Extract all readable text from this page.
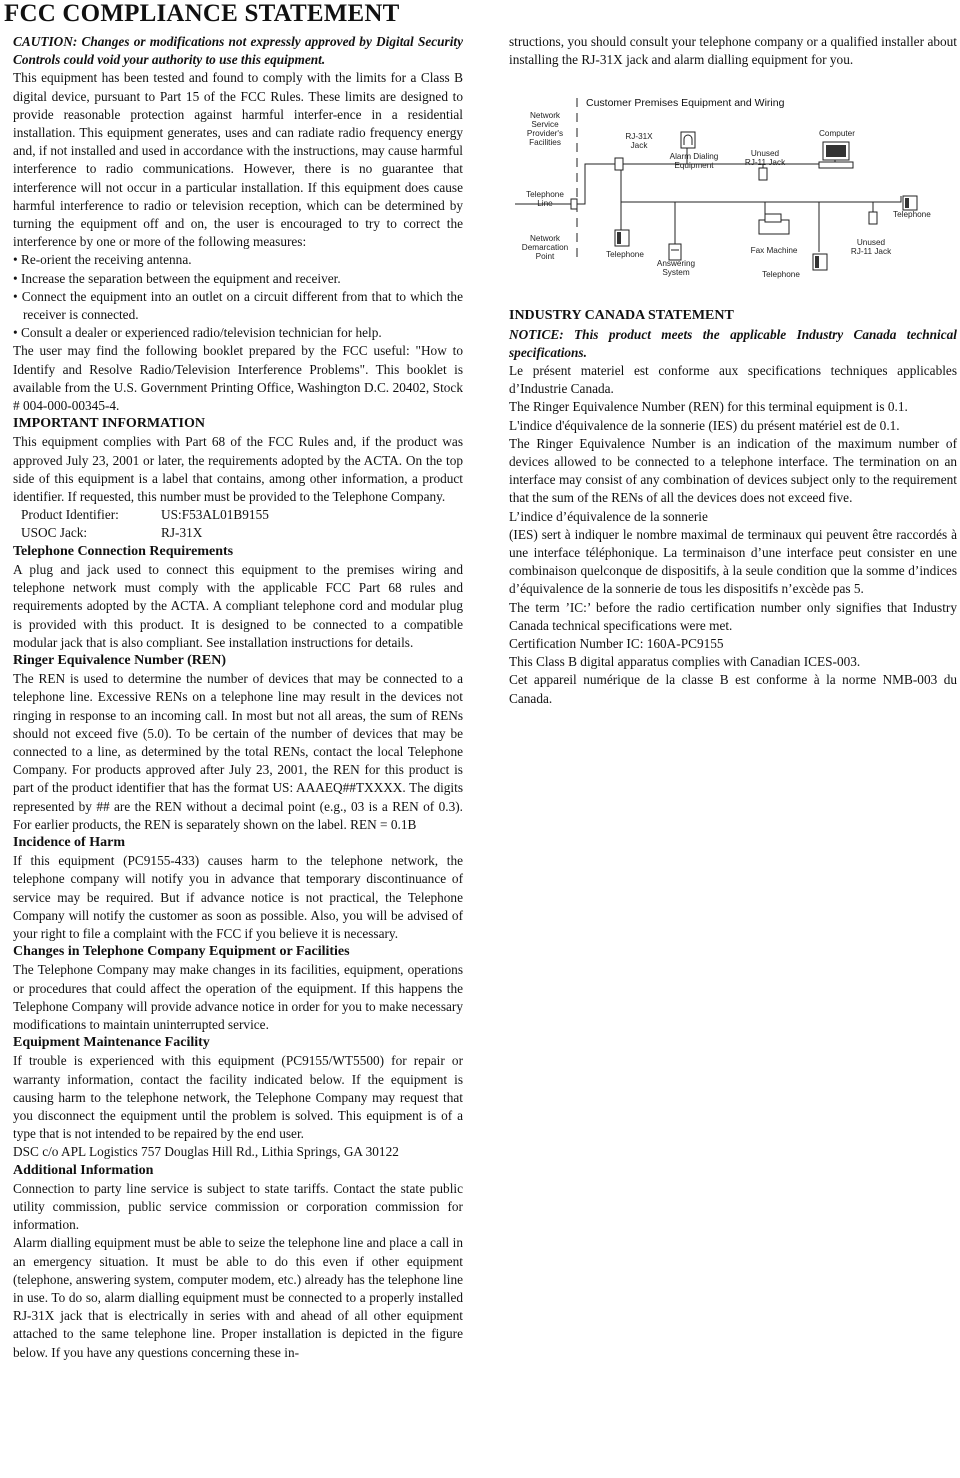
FCC COMPLIANCE STATEMENT

CAUTION: Changes or modifications not expressly approved by Digital Security Controls could void your authority to use this equipment.

This equipment has been tested and found to comply with the limits for a Class B digital device, pursuant to Part 15 of the FCC Rules. These limits are designed to provide reasonable protection against harmful interfer-ence in a residential installation. This equipment generates, uses and can radiate radio frequency energy and, if not installed and used in accordance with the instructions, may cause harmful interference to radio communications. However, there is no guarantee that interference will not occur in a particular installation. If this equipment does cause harmful interference to radio or television reception, which can be determined by turning the equipment off and on, the user is encouraged to try to correct the interference by one or more of the following measures:

• Re-orient the receiving antenna.

• Increase the separation between the equipment and receiver.

• Connect the equipment into an outlet on a circuit different from that to which the receiver is connected.

• Consult a dealer or experienced radio/television technician for help.

The user may find the following booklet prepared by the FCC useful: "How to Identify and Resolve Radio/Television Interference Problems". This booklet is available from the U.S. Government Printing Office, Washington D.C. 20402, Stock # 004-000-00345-4.

IMPORTANT INFORMATION

This equipment complies with Part 68 of the FCC Rules and, if the product was approved July 23, 2001 or later, the requirements adopted by the ACTA. On the top side of this equipment is a label that contains, among other information, a product identifier. If requested, this number must be provided to the Telephone Company.

Product Identifier:	US:F53AL01B9155
USOC Jack:	RJ-31X

Telephone Connection Requirements

A plug and jack used to connect this equipment to the premises wiring and telephone network must comply with the applicable FCC Part 68 rules and requirements adopted by the ACTA. A compliant telephone cord and modular plug is provided with this product. It is designed to be connected to a compatible modular jack that is also compliant. See installation instructions for details.

Ringer Equivalence Number (REN)

The REN is used to determine the number of devices that may be connected to a telephone line. Excessive RENs on a telephone line may result in the devices not ringing in response to an incoming call. In most but not all areas, the sum of RENs should not exceed five (5.0). To be certain of the number of devices that may be connected to a line, as determined by the total RENs, contact the local Telephone Company. For products approved after July 23, 2001, the REN for this product is part of the product identifier that has the format US: AAAEQ##TXXXX. The digits represented by ## are the REN without a decimal point (e.g., 03 is a REN of 0.3). For earlier products, the REN is separately shown on the label. REN = 0.1B

Incidence of Harm

If this equipment (PC9155-433) causes harm to the telephone network, the telephone company will notify you in advance that temporary discontinuance of service may be required. But if advance notice is not practical, the Telephone Company will notify the customer as soon as possible. Also, you will be advised of your right to file a complaint with the FCC if you believe it is necessary.

Changes in Telephone Company Equipment or Facilities

The Telephone Company may make changes in its facilities, equipment, operations or procedures that could affect the operation of the equipment. If this happens the Telephone Company will provide advance notice in order for you to make necessary modifications to maintain uninterrupted service.

Equipment Maintenance Facility

If trouble is experienced with this equipment (PC9155/WT5500) for repair or warranty information, contact the facility indicated below. If the equipment is causing harm to the telephone network, the Telephone Company may request that you disconnect the equipment until the problem is solved. This equipment is of a type that is not intended to be repaired by the end user.

DSC c/o APL Logistics 757 Douglas Hill Rd., Lithia Springs, GA 30122

Additional Information

Connection to party line service is subject to state tariffs. Contact the state public utility commission, public service commission or corporation commission for information.

Alarm dialling equipment must be able to seize the telephone line and place a call in an emergency situation. It must be able to do this even if other equipment (telephone, answering system, computer modem, etc.) already has the telephone line in use. To do so, alarm dialling equipment must be connected to a properly installed RJ-31X jack that is electrically in series with and ahead of all other equipment attached to the same telephone line. Proper installation is depicted in the figure below. If you have any questions concerning these in-

structions, you should consult your telephone company or a qualified installer about installing the RJ-31X jack and alarm dialling equipment for you.

INDUSTRY CANADA STATEMENT

NOTICE: This product meets the applicable Industry Canada technical specifications.

Le présent materiel est conforme aux specifications techniques applicables d’Industrie Canada.

The Ringer Equivalence Number (REN) for this terminal equipment is 0.1.

L'indice d'équivalence de la sonnerie (IES) du présent matériel est de 0.1.

The Ringer Equivalence Number is an indication of the maximum number of devices allowed to be connected to a telephone interface. The termination on an interface may consist of any combination of devices subject only to the requirement that the sum of the RENs of all the devices does not exceed five.

L’indice d’équivalence de la sonnerie

(IES) sert à indiquer le nombre maximal de terminaux qui peuvent être raccordés à une interface téléphonique. La terminaison d’une interface peut consister en une combinaison quelconque de dispositifs, à la seule condition que la somme d’indices d’équivalence de la sonnerie de tous les dispositifs n’excède pas 5.

The term ’IC:’ before the radio certification number only signifies that Industry Canada technical specifications were met.

Certification Number IC: 160A-PC9155

This Class B digital apparatus complies with Canadian ICES-003.

Cet appareil numérique de la classe B est conforme à la norme NMB-003 du Canada.

Customer Premises Equipment and Wiring
Network
Service
Provider's
Facilities
Telephone
Line
Network
Demarcation
Point
RJ-31X
Jack
Alarm Dialing
Equipment
Unused
RJ-11 Jack
Computer
Telephone
Telephone
Answering
System
Fax Machine
Telephone
Unused
RJ-11 Jack
